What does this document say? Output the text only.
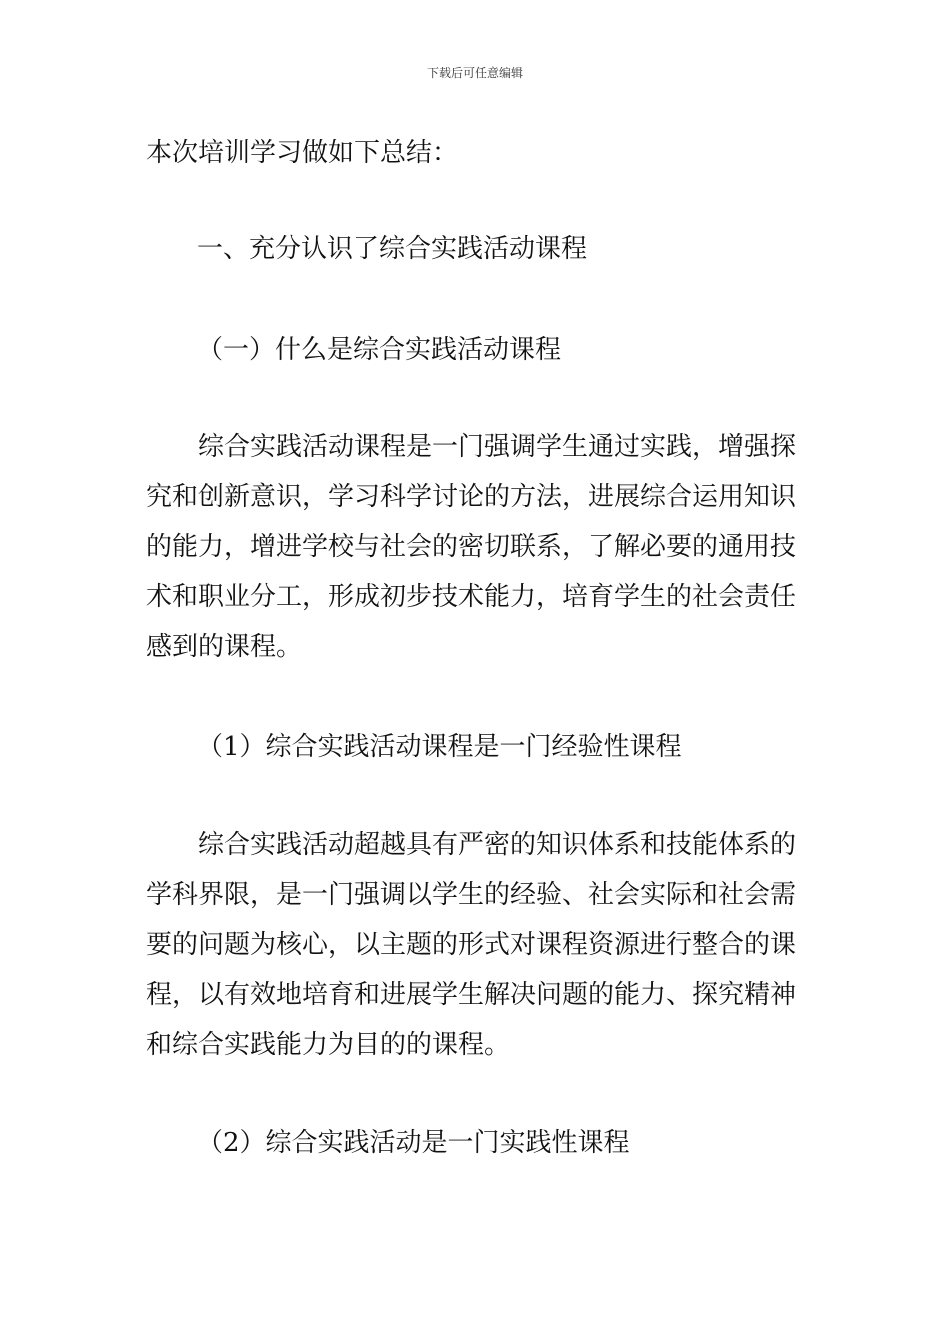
下载后可任意编辑
本次培训学习做如下总结：
一、充分认识了综合实践活动课程
（一）什么是综合实践活动课程
综合实践活动课程是一门强调学生通过实践，增强探究和创新意识，学习科学讨论的方法，进展综合运用知识的能力，增进学校与社会的密切联系，了解必要的通用技术和职业分工，形成初步技术能力，培育学生的社会责任感到的课程。
（1）综合实践活动课程是一门经验性课程
综合实践活动超越具有严密的知识体系和技能体系的学科界限，是一门强调以学生的经验、社会实际和社会需要的问题为核心，以主题的形式对课程资源进行整合的课程，以有效地培育和进展学生解决问题的能力、探究精神和综合实践能力为目的的课程。
（2）综合实践活动是一门实践性课程
